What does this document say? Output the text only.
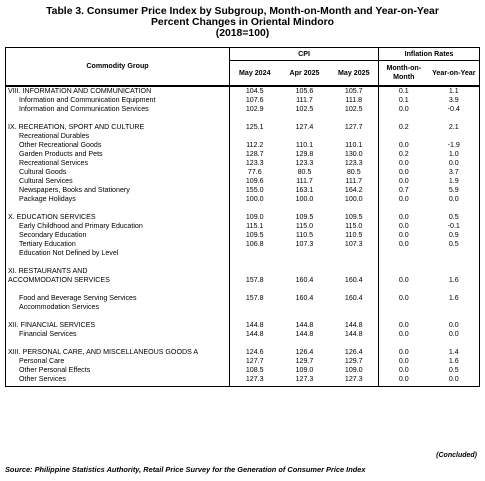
Table 3. Consumer Price Index by Subgroup, Month-on-Month and Year-on-Year
Percent Changes in Oriental Mindoro
(2018=100)
Commodity Group	CPI			Inflation Rates	
	May 2024	Apr 2025	May 2025	Month-on-Month	Year-on-Year

VIII. INFORMATION AND COMMUNICATION	104.5	105.6	105.7	0.1	1.1
Information and Communication Equipment	107.6	111.7	111.8	0.1	3.9
Information and Communication Services	102.9	102.5	102.5	0.0	-0.4

IX. RECREATION, SPORT AND CULTURE	125.1	127.4	127.7	0.2	2.1
Recreational Durables					
Other Recreational Goods	112.2	110.1	110.1	0.0	-1.9
Garden Products and Pets	128.7	129.8	130.0	0.2	1.0
Recreational Services	123.3	123.3	123.3	0.0	0.0
Cultural Goods	77.6	80.5	80.5	0.0	3.7
Cultural Services	109.6	111.7	111.7	0.0	1.9
Newspapers, Books and Stationery	155.0	163.1	164.2	0.7	5.9
Package Holidays	100.0	100.0	100.0	0.0	0.0

X. EDUCATION SERVICES	109.0	109.5	109.5	0.0	0.5
Early Childhood and Primary Education	115.1	115.0	115.0	0.0	-0.1
Secondary Education	109.5	110.5	110.5	0.0	0.9
Tertiary Education	106.8	107.3	107.3	0.0	0.5
Education Not Defined by Level					

XI. RESTAURANTS AND					
ACCOMMODATION SERVICES	157.8	160.4	160.4	0.0	1.6

Food and Beverage Serving Services	157.8	160.4	160.4	0.0	1.6
Accommodation Services					

XII. FINANCIAL SERVICES	144.8	144.8	144.8	0.0	0.0
Financial Services	144.8	144.8	144.8	0.0	0.0

XIII. PERSONAL CARE, AND MISCELLANEOUS GOODS A	124.6	126.4	126.4	0.0	1.4
Personal Care	127.7	129.7	129.7	0.0	1.6
Other Personal Effects	108.5	109.0	109.0	0.0	0.5
Other Services	127.3	127.3	127.3	0.0	0.0

(Concluded)
Source: Philippine Statistics Authority, Retail Price Survey for the Generation of Consumer Price Index
